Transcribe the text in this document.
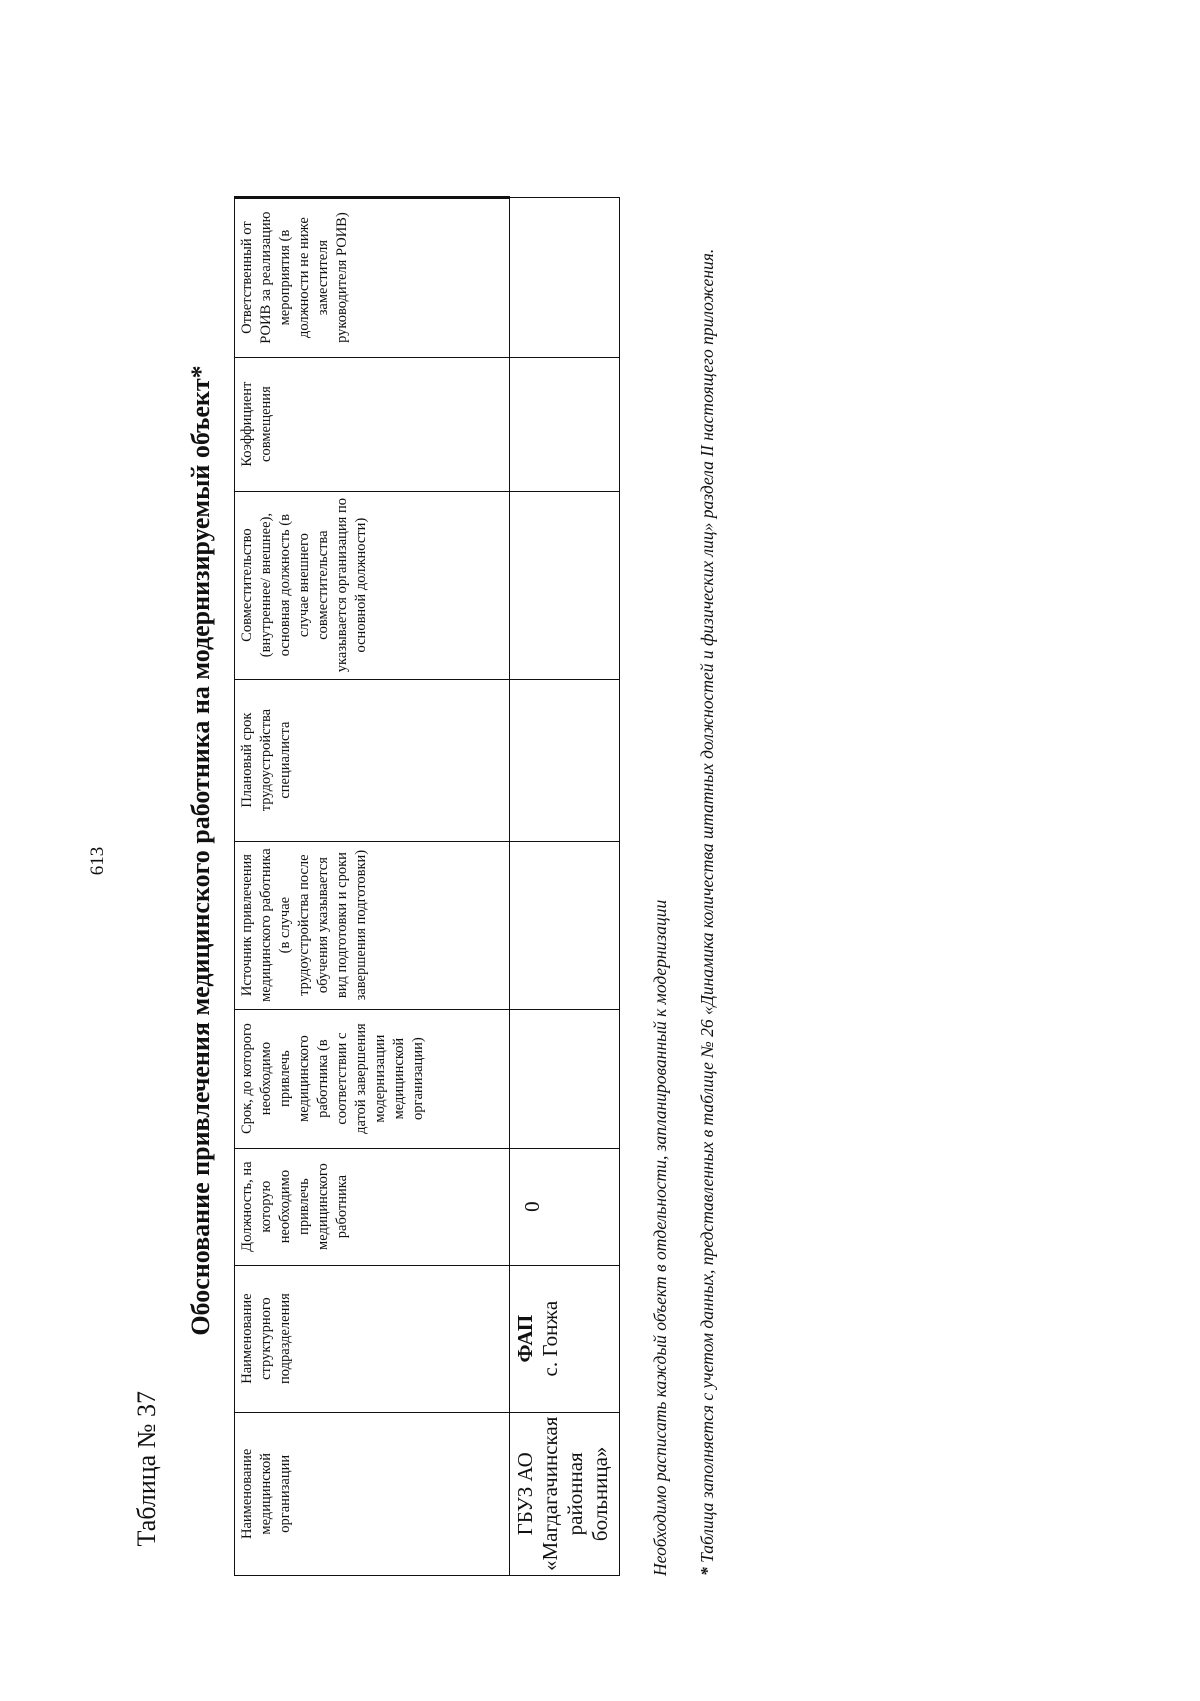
613
Таблица № 37
Обоснование привлечения медицинского работника на модернизируемый объект*
Наименование медицинской организации	Наименование структурного подразделения	Должность, на которую необходимо привлечь медицинского работника	Срок, до которого необходимо привлечь медицинского работника (в соответствии с датой завершения модернизации медицинской организации)	Источник привлечения медицинского работника (в случае трудоустройства после обучения указывается вид подготовки и сроки завершения подготовки)	Плановый срок трудоустройства специалиста	Совместительство (внутреннее/ внешнее), основная должность (в случае внешнего совместительства указывается организация по основной должности)	Коэффициент совмещения	Ответственный от РОИВ за реализацию мероприятия (в должности не ниже заместителя руководителя РОИВ)
ГБУЗ АО «Магдагачинская районная больница»	ФАП с. Гонжа	0							Необходимо расписать каждый объект в отдельности, запланированный к модернизации * Таблица заполняется с учетом данных, представленных в таблице № 26 «Динамика количества штатных должностей и физических лиц» раздела II настоящего приложения.
